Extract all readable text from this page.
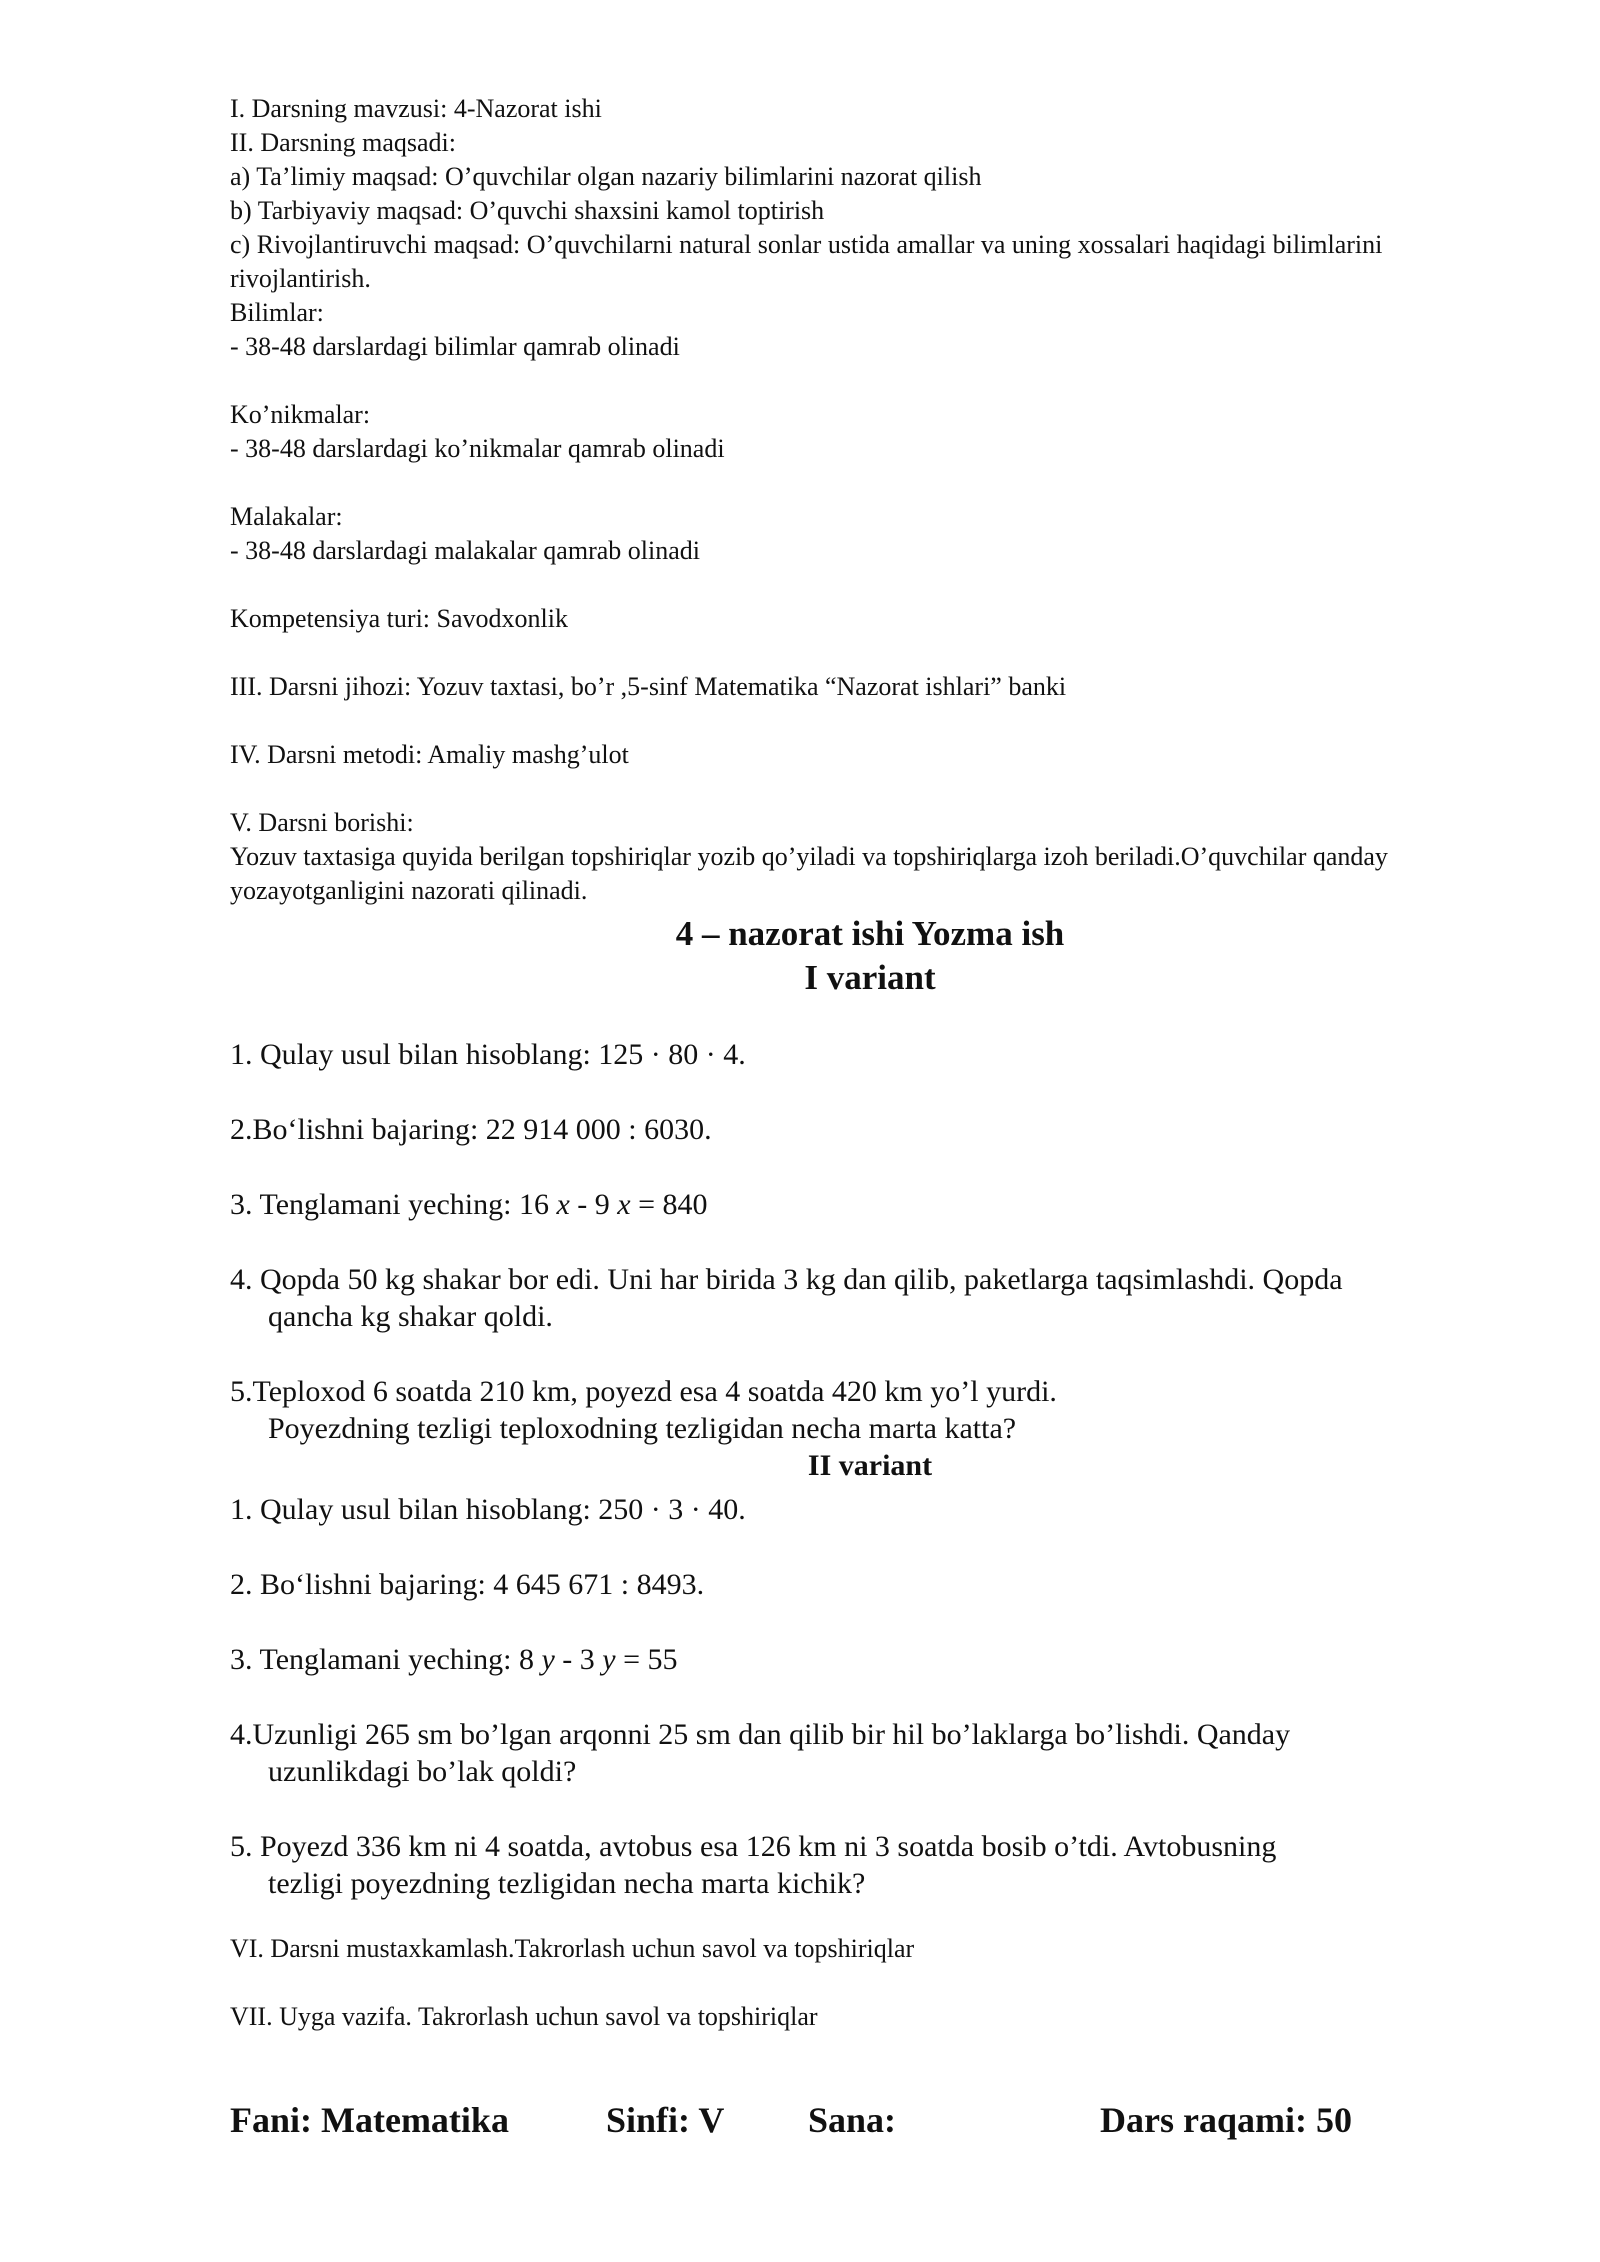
I. Darsning mavzusi: 4-Nazorat ishi

II. Darsning maqsadi:

a) Ta’limiy maqsad: O’quvchilar olgan nazariy bilimlarini nazorat qilish

b) Tarbiyaviy maqsad: O’quvchi shaxsini kamol toptirish

c) Rivojlantiruvchi maqsad: O’quvchilarni natural sonlar ustida amallar va uning xossalari haqidagi bilimlarini rivojlantirish.

Bilimlar:

- 38-48 darslardagi bilimlar qamrab olinadi

Ko’nikmalar:

- 38-48 darslardagi ko’nikmalar qamrab olinadi

Malakalar:

- 38-48 darslardagi malakalar qamrab olinadi

Kompetensiya turi: Savodxonlik

III. Darsni jihozi: Yozuv taxtasi, bo’r ,5-sinf Matematika “Nazorat ishlari” banki

IV. Darsni metodi: Amaliy mashg’ulot

V. Darsni borishi:

Yozuv taxtasiga quyida berilgan topshiriqlar yozib qo’yiladi va topshiriqlarga izoh beriladi.O’quvchilar qanday yozayotganligini nazorati qilinadi.

4 – nazorat ishi Yozma ish

I variant

1. Qulay usul bilan hisoblang: 125 · 80 · 4.

2.Bo‘lishni bajaring: 22 914 000 : 6030.

3. Tenglamani yeching: 16 x - 9 x = 840

4. Qopda 50 kg shakar bor edi. Uni har birida 3 kg dan qilib, paketlarga taqsimlashdi. Qopda
qancha kg shakar qoldi.

5.Teploxod 6 soatda 210 km, poyezd esa 4 soatda 420 km yo’l yurdi.
Poyezdning tezligi teploxodning tezligidan necha marta katta?

II variant

1. Qulay usul bilan hisoblang: 250 · 3 · 40.

2. Bo‘lishni bajaring: 4 645 671 : 8493.

3. Tenglamani yeching: 8 y - 3 y = 55

4.Uzunligi 265 sm bo’lgan arqonni 25 sm dan qilib bir hil bo’laklarga bo’lishdi. Qanday
uzunlikdagi bo’lak qoldi?

5. Poyezd 336 km ni 4 soatda, avtobus esa 126 km ni 3 soatda bosib o’tdi. Avtobusning
tezligi poyezdning tezligidan necha marta kichik?

VI. Darsni mustaxkamlash.Takrorlash uchun savol va topshiriqlar

VII. Uyga vazifa. Takrorlash uchun savol va topshiriqlar

Fani: Matematika	Sinfi: V Sana:	Dars raqami: 50
